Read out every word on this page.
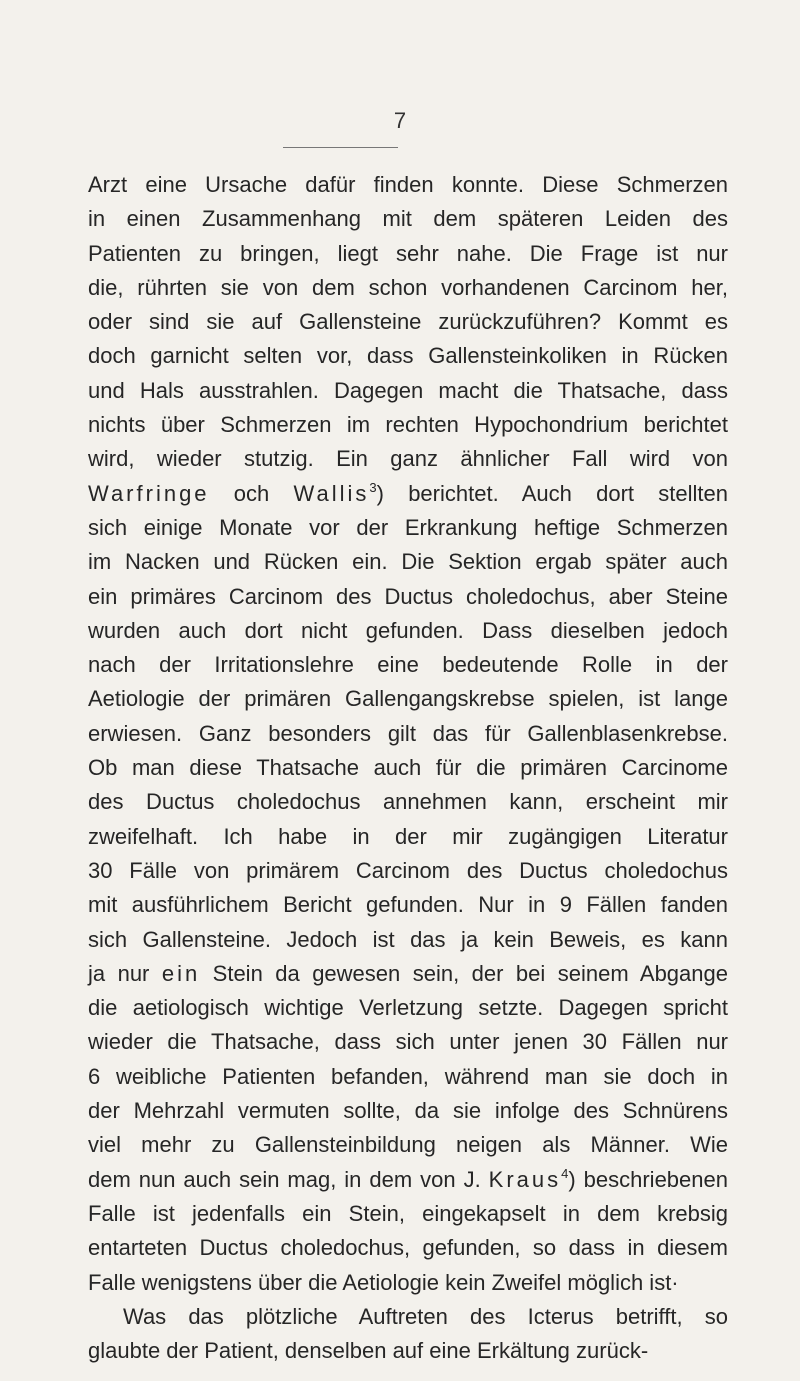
7
Arzt eine Ursache dafür finden konnte. Diese Schmerzen
in einen Zusammenhang mit dem späteren Leiden des
Patienten zu bringen, liegt sehr nahe. Die Frage ist nur
die, rührten sie von dem schon vorhandenen Carcinom her,
oder sind sie auf Gallensteine zurückzuführen? Kommt es
doch garnicht selten vor, dass Gallensteinkoliken in Rücken
und Hals ausstrahlen. Dagegen macht die Thatsache, dass
nichts über Schmerzen im rechten Hypochondrium berichtet
wird, wieder stutzig. Ein ganz ähnlicher Fall wird von
Warfringe och Wallis$^3$) berichtet. Auch dort stellten
sich einige Monate vor der Erkrankung heftige Schmerzen
im Nacken und Rücken ein. Die Sektion ergab später auch
ein primäres Carcinom des Ductus choledochus, aber Steine
wurden auch dort nicht gefunden. Dass dieselben jedoch
nach der Irritationslehre eine bedeutende Rolle in der
Aetiologie der primären Gallengangskrebse spielen, ist lange
erwiesen. Ganz besonders gilt das für Gallenblasenkrebse.
Ob man diese Thatsache auch für die primären Carcinome
des Ductus choledochus annehmen kann, erscheint mir
zweifelhaft. Ich habe in der mir zugängigen Literatur
30 Fälle von primärem Carcinom des Ductus choledochus
mit ausführlichem Bericht gefunden. Nur in 9 Fällen fanden
sich Gallensteine. Jedoch ist das ja kein Beweis, es kann
ja nur ein Stein da gewesen sein, der bei seinem Abgange
die aetiologisch wichtige Verletzung setzte. Dagegen spricht
wieder die Thatsache, dass sich unter jenen 30 Fällen nur
6 weibliche Patienten befanden, während man sie doch in
der Mehrzahl vermuten sollte, da sie infolge des Schnürens
viel mehr zu Gallensteinbildung neigen als Männer. Wie
dem nun auch sein mag, in dem von J. Kraus$^4$) beschriebenen
Falle ist jedenfalls ein Stein, eingekapselt in dem krebsig
entarteten Ductus choledochus, gefunden, so dass in diesem
Falle wenigstens über die Aetiologie kein Zweifel möglich ist·
Was das plötzliche Auftreten des Icterus betrifft, so
glaubte der Patient, denselben auf eine Erkältung zurück-
